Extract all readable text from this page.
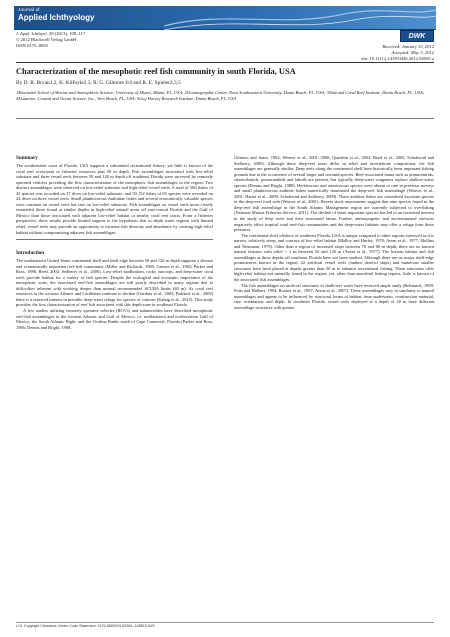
Journal of
Applied Ichthyology
DWK
J. Appl. Ichthyol. 29 (2013), 108–117
© 2012 Blackwell Verlag GmbH
ISSN 0175–8659	Received: January 10, 2012
Accepted: May 3, 2012
doi: 10.1111/j.1439-0426.2012.02055.x
Characterization of the mesophotic reef fish community in south Florida, USA
By D. R. Bryan1,2, K. Kilfoyle2,3, R. G. Gilmore Jr4 and R. E. Spieler2,3,5
1Rosenstiel School of Marine and Atmospheric Science, University of Miami, Miami, FL, USA; 2Oceanographic Center, Nova Southeastern University, Dania Beach, FL, USA; 3National Coral Reef Institute, Dania Beach, FL, USA; 4Estuarine, Coastal and Ocean Science, Inc., Vero Beach, FL, USA; 5Guy Harvey Research Institute, Dania Beach, FL, USA
Summary

The southeastern coast of Florida, USA supports a substantial recreational fishery, yet little is known of the coral reef ecosystem or fisheries resources past 50 m depth. Fish assemblages associated with low-relief substrate and three vessel reefs between 50 and 120 m depth off southeast Florida were surveyed by remotely operated vehicles providing the first characterization of the mesophotic fish assemblages in the region. Two distinct assemblages were observed on low-relief substrate and high-relief vessel reefs. A total of 560 fishes of 42 species was recorded on 27 dives on low-relief substrate, and 50 152 fishes of 65 species were recorded on 24 dives on three vessel reefs. Small planktivorous Anthiinae fishes and several economically valuable species were common on vessel reefs but rare on low-relief substrate. Fish assemblages on vessel reefs more closely resembled those found at similar depths in high-relief natural areas off east-central Florida and the Gulf of Mexico than those associated with adjacent low-relief habitat or nearby coral reef tracts. From a fisheries perspective, these results provide limited support to the hypothesis that in depth water regions with limited relief, vessel reefs may provide an opportunity to increase fish diversity and abundance by creating high-relief habitat without compromising adjacent fish assemblages.

Introduction

The southeastern United States continental shelf and shelf edge between 50 and 120 m depth supports a diverse and economically important reef-fish community (Miller and Richards, 1980; Grimes et al., 1982; Parker and Ross, 1986; Reed, 2002; Sedberry et al., 2006). Low-relief hardbottom, rocky outcrops, and deep-water coral reefs provide habitat for a variety of fish species. Despite the ecological and economic importance of the mesophotic zone, the associated reef-fish assemblages are still poorly described in many regions due to difficulties inherent with working deeper than normal recommended SCUBA limits (40 m). As coral reef resources in the western Atlantic and Caribbean continue to decline (Gardner et al., 2003; Paddack et al., 2009) there is a renewed interest in possible deep-water refuge for species of concern (Kahng et al., 2010). This study provides the first characterization of reef fish associated with this depth zone in southeast Florida.

A few studies utilizing remotely operated vehicles (ROVs) and submersibles have described mesophotic reef-fish assemblages in the western Atlantic and Gulf of Mexico, i.e. northeastern and northwestern Gulf of Mexico, the South Atlantic Bight, and the Oculina Banks south of Cape Canaveral, Florida (Parker and Ross, 1986; Dennis and Bright, 1988;

Gilmore and Jones, 1992; Weaver et al., 2001, 2006; Quattrini et al., 2004; Reed et al., 2005; Schobernd and Sedberry, 2009). Although these deep-reef areas differ in relief and invertebrate composition, the fish assemblages are generally similar. Deep reefs along the continental shelf have historically been important fishing grounds due to the occurrence of several larger and serranid species. Reef-associated fauna such as pomacentrids, chaetodontids, pomacanthids and labrids are present, but typically deep-water congeners replace shallow-water species (Dennis and Bright, 1988). Herbivorous and omnivorous species were absent or rare in previous surveys and small planktivorous anthiine fishes numerically dominated the deep-reef fish assemblage (Weaver et al., 2001; Harter et al., 2009; Schobernd and Sedberry, 2009). These anthiine fishes are considered keystone species in the deep-reef food web (Weaver et al., 2001). Recent stock assessments suggest that nine species found in the deep-reef fish assemblage in the South Atlantic Management region are currently subjected to overfishing (National Marine Fisheries Service, 2011). The decline of these important species has led to an increased interest in the study of deep reefs and their associated fauna. Further, anthropogenic and environmental stressors negatively affect tropical coral reef-fish communities and the deep-water habitats may offer a refuge from these pressures.

The continental shelf offshore of southeast Florida, USA is unique compared to other regions surveyed as it is narrow, relatively steep, and consists of low-relief habitat (Malloy and Hurley, 1970; Avent et al., 1977; Mullins and Neumann, 1979). Other than a region of increased slope between 70 and 80 m depth, there are no known natural features with relief > 1 m between 50 and 120 m (Avent et al., 1977). The bottom habitat and fish assemblages at these depths off southeast Florida have not been studied. Although there are no major shelf-edge prominences known in the region, 22 artificial vessel reefs (sunken derelict ships) and numerous smaller structures have been placed at depths greater than 50 m to enhance recreational fishing. These structures offer high-relief habitat not naturally found in the region; yet, other than anecdotal fishing reports, little is known of the associated fish assemblages.

The fish assemblages on artificial structures in shallower water have received ample study (Bohnsack, 1989; Potts and Hulbert, 1994; Rooker et al., 1997; Arena et al., 2007). These assemblages vary in similarity to natural assemblages and appear to be influenced by structural forms of habitat, time underwater, construction material, size, orientation, and depth. In southeast Florida, vessel reefs deployed at a depth of 20 m have different assemblage structures with greater

U.S. Copyright Clearance Centre Code Statement: 0175-8659/2013/2901–108$15.00/0
